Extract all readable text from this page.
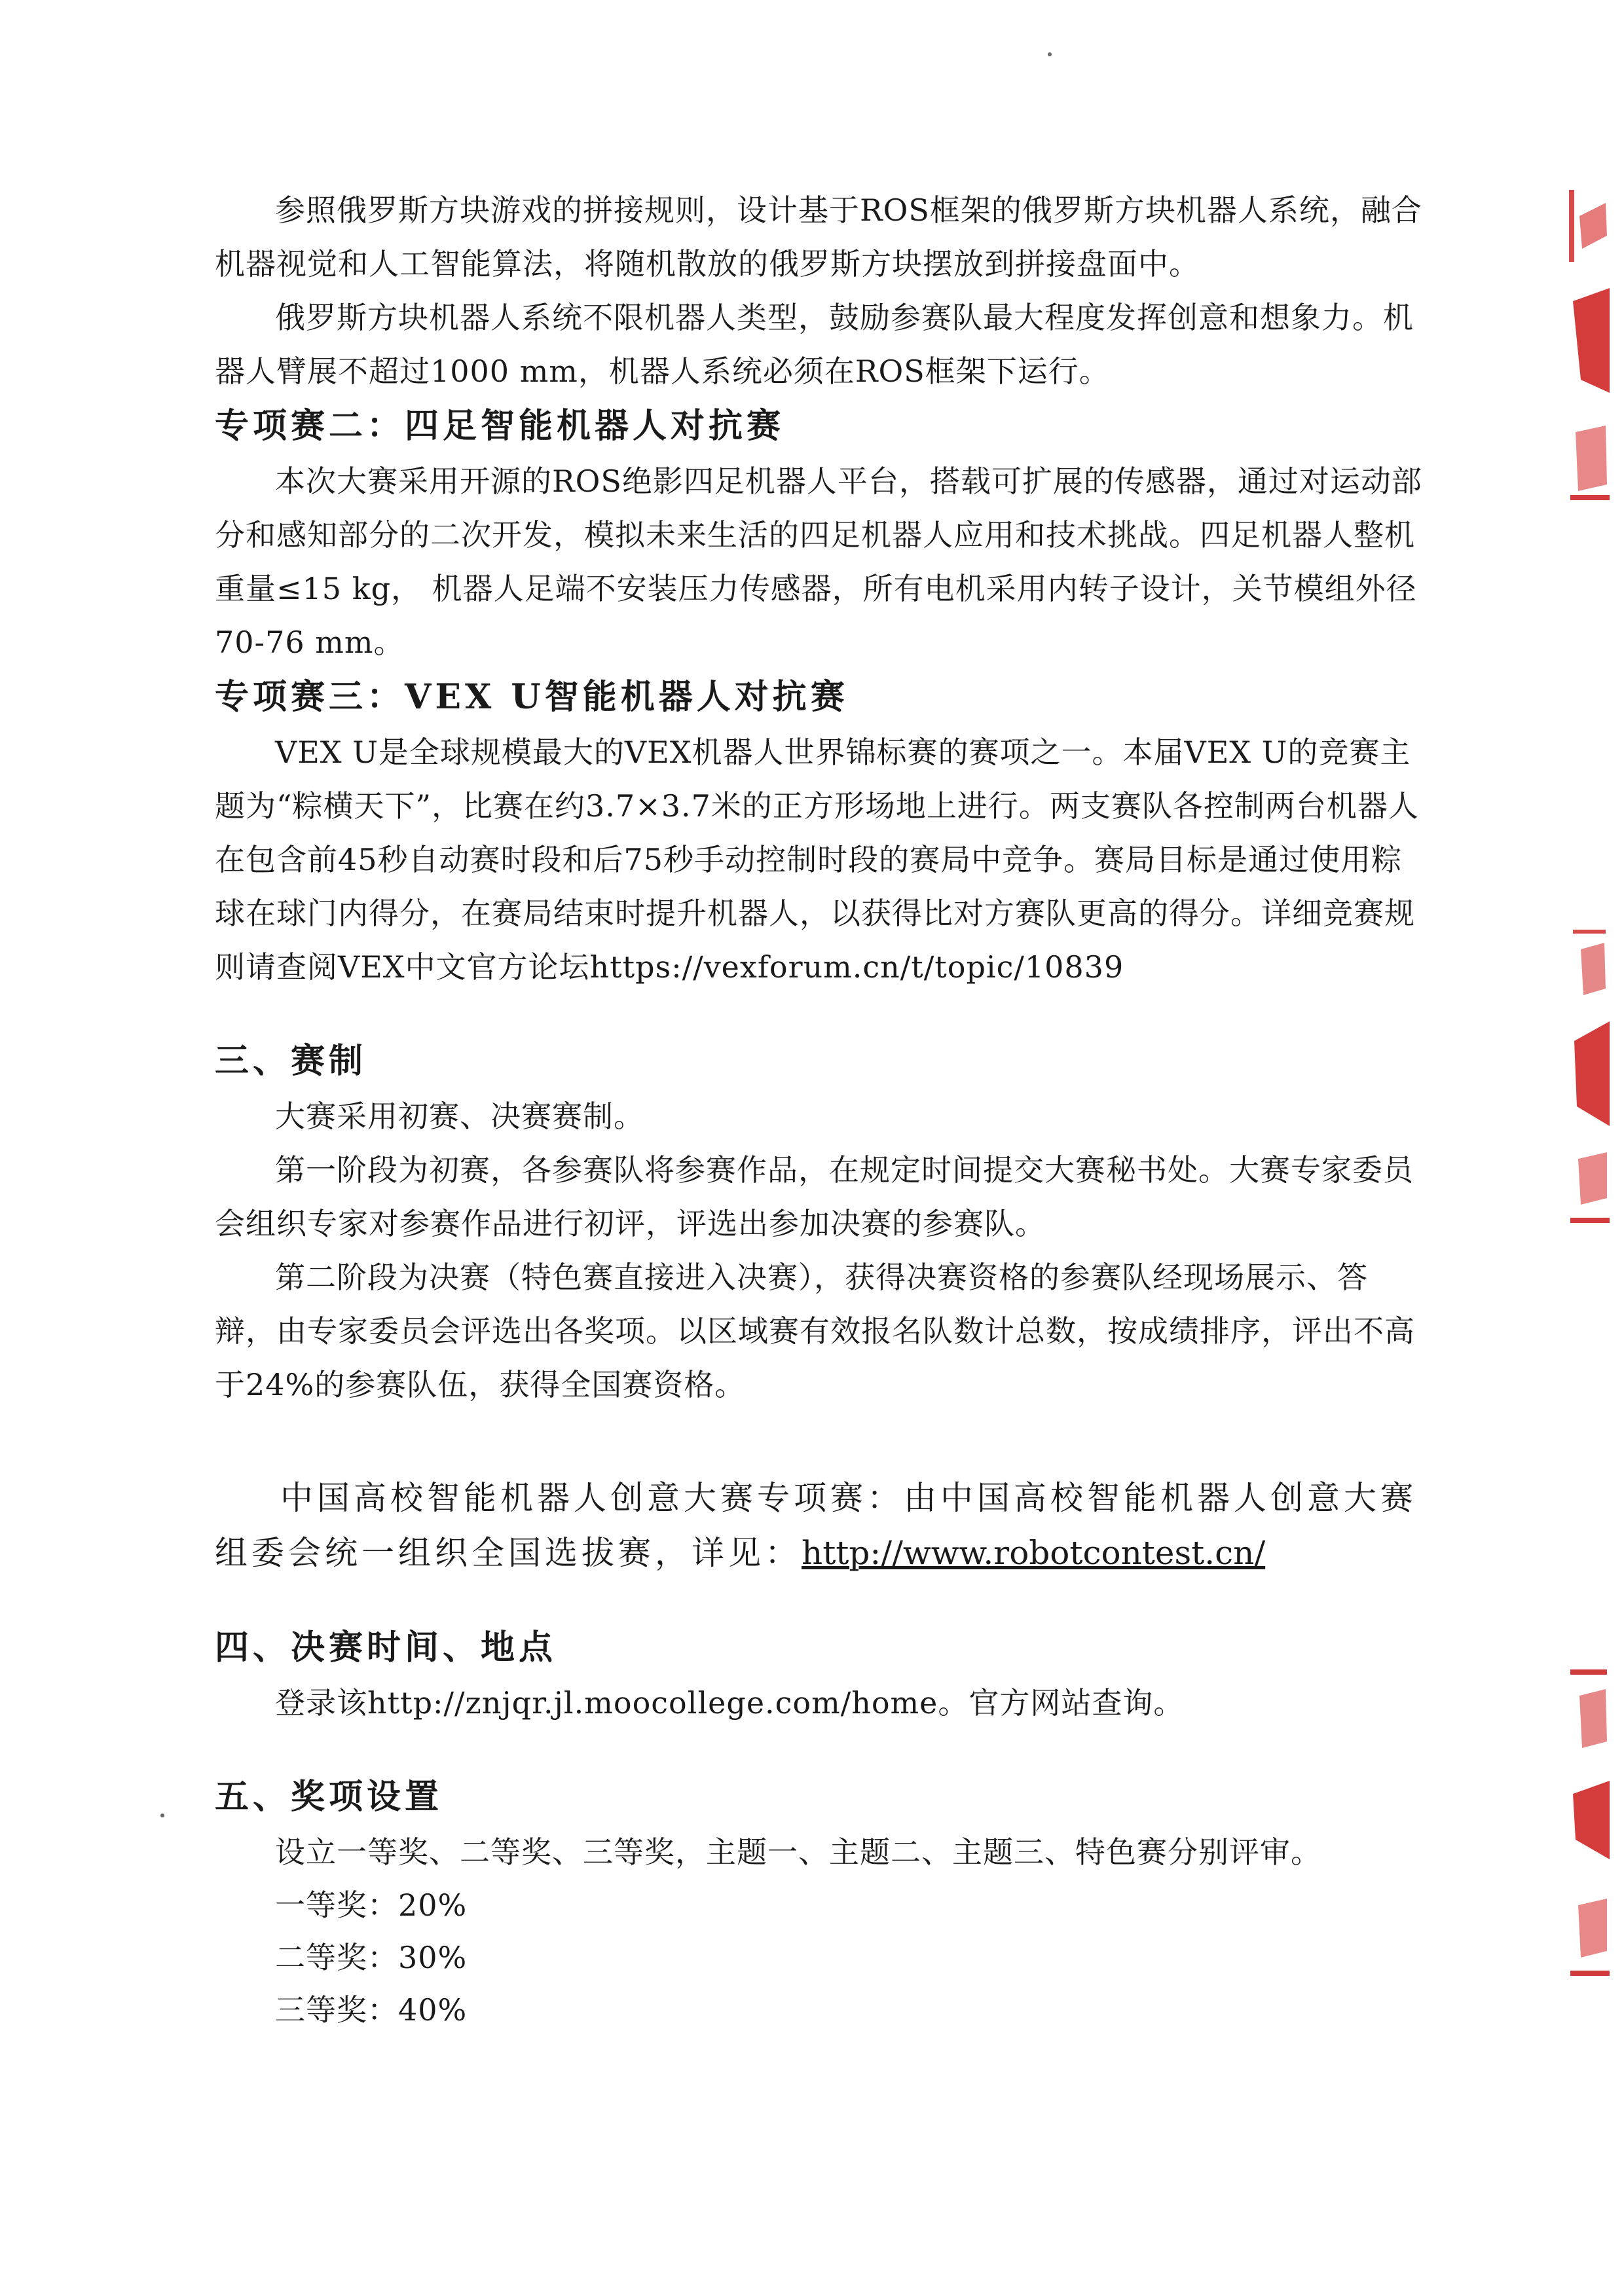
参照俄罗斯方块游戏的拼接规则，设计基于ROS框架的俄罗斯方块机器人系统，融合机器视觉和人工智能算法，将随机散放的俄罗斯方块摆放到拼接盘面中。

俄罗斯方块机器人系统不限机器人类型，鼓励参赛队最大程度发挥创意和想象力。机器人臂展不超过1000 mm，机器人系统必须在ROS框架下运行。

专项赛二：四足智能机器人对抗赛

本次大赛采用开源的ROS绝影四足机器人平台，搭载可扩展的传感器，通过对运动部分和感知部分的二次开发，模拟未来生活的四足机器人应用和技术挑战。四足机器人整机重量≤15 kg， 机器人足端不安装压力传感器，所有电机采用内转子设计，关节模组外径70-76 mm。

专项赛三：VEX U智能机器人对抗赛

VEX U是全球规模最大的VEX机器人世界锦标赛的赛项之一。本届VEX U的竞赛主题为“粽横天下”，比赛在约3.7×3.7米的正方形场地上进行。两支赛队各控制两台机器人在包含前45秒自动赛时段和后75秒手动控制时段的赛局中竞争。赛局目标是通过使用粽球在球门内得分，在赛局结束时提升机器人，以获得比对方赛队更高的得分。详细竞赛规则请查阅VEX中文官方论坛https://vexforum.cn/t/topic/10839

三、赛制

大赛采用初赛、决赛赛制。

第一阶段为初赛，各参赛队将参赛作品，在规定时间提交大赛秘书处。大赛专家委员会组织专家对参赛作品进行初评，评选出参加决赛的参赛队。

第二阶段为决赛（特色赛直接进入决赛），获得决赛资格的参赛队经现场展示、答辩，由专家委员会评选出各奖项。以区域赛有效报名队数计总数，按成绩排序，评出不高于24%的参赛队伍，获得全国赛资格。

中国高校智能机器人创意大赛专项赛：由中国高校智能机器人创意大赛组委会统一组织全国选拔赛，详见：http://www.robotcontest.cn/

四、决赛时间、地点

登录该http://znjqr.jl.moocollege.com/home。官方网站查询。

五、奖项设置

设立一等奖、二等奖、三等奖，主题一、主题二、主题三、特色赛分别评审。

一等奖：20%

二等奖：30%

三等奖：40%
